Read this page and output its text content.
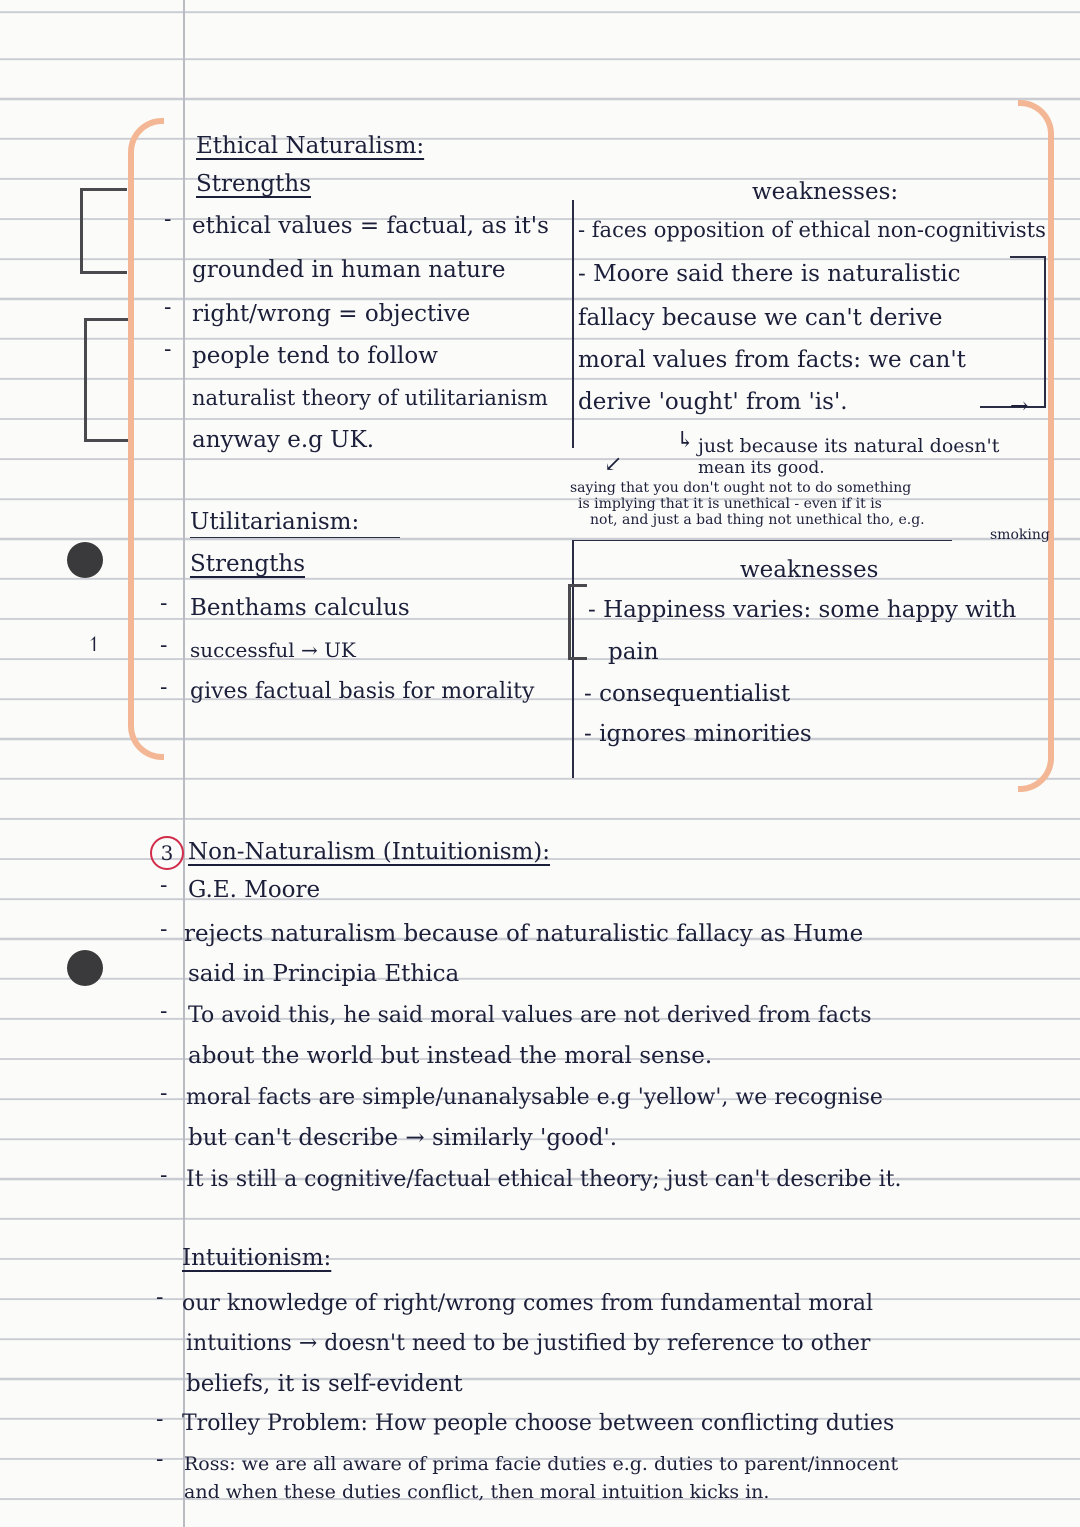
↿
Ethical Naturalism:
Strengths
- ethical values = factual, as it's
grounded in human nature
- right/wrong = objective
- people tend to follow
naturalist theory of utilitarianism
anyway e.g UK.
weaknesses:
- faces opposition of ethical non-cognitivists
- Moore said there is naturalistic
fallacy because we can't derive
moral values from facts: we can't
derive 'ought' from 'is'.	→
↳ just because its natural doesn't
mean its good.
↙
saying that you don't ought not to do something
is implying that it is unethical - even if it is
not, and just a bad thing not unethical tho, e.g.
smoking
Utilitarianism:
Strengths
- Benthams calculus
- successful → UK
- gives factual basis for morality
weaknesses
- Happiness varies: some happy with
pain
- consequentialist
- ignores minorities
3 Non-Naturalism (Intuitionism):
- G.E. Moore
- rejects naturalism because of naturalistic fallacy as Hume
said in Principia Ethica
- To avoid this, he said moral values are not derived from facts
about the world but instead the moral sense.
- moral facts are simple/unanalysable e.g 'yellow', we recognise
but can't describe → similarly 'good'.
- It is still a cognitive/factual ethical theory; just can't describe it.
Intuitionism:
- our knowledge of right/wrong comes from fundamental moral
intuitions → doesn't need to be justified by reference to other
beliefs, it is self-evident
- Trolley Problem: How people choose between conflicting duties
- Ross: we are all aware of prima facie duties e.g. duties to parent/innocent
and when these duties conflict, then moral intuition kicks in.
